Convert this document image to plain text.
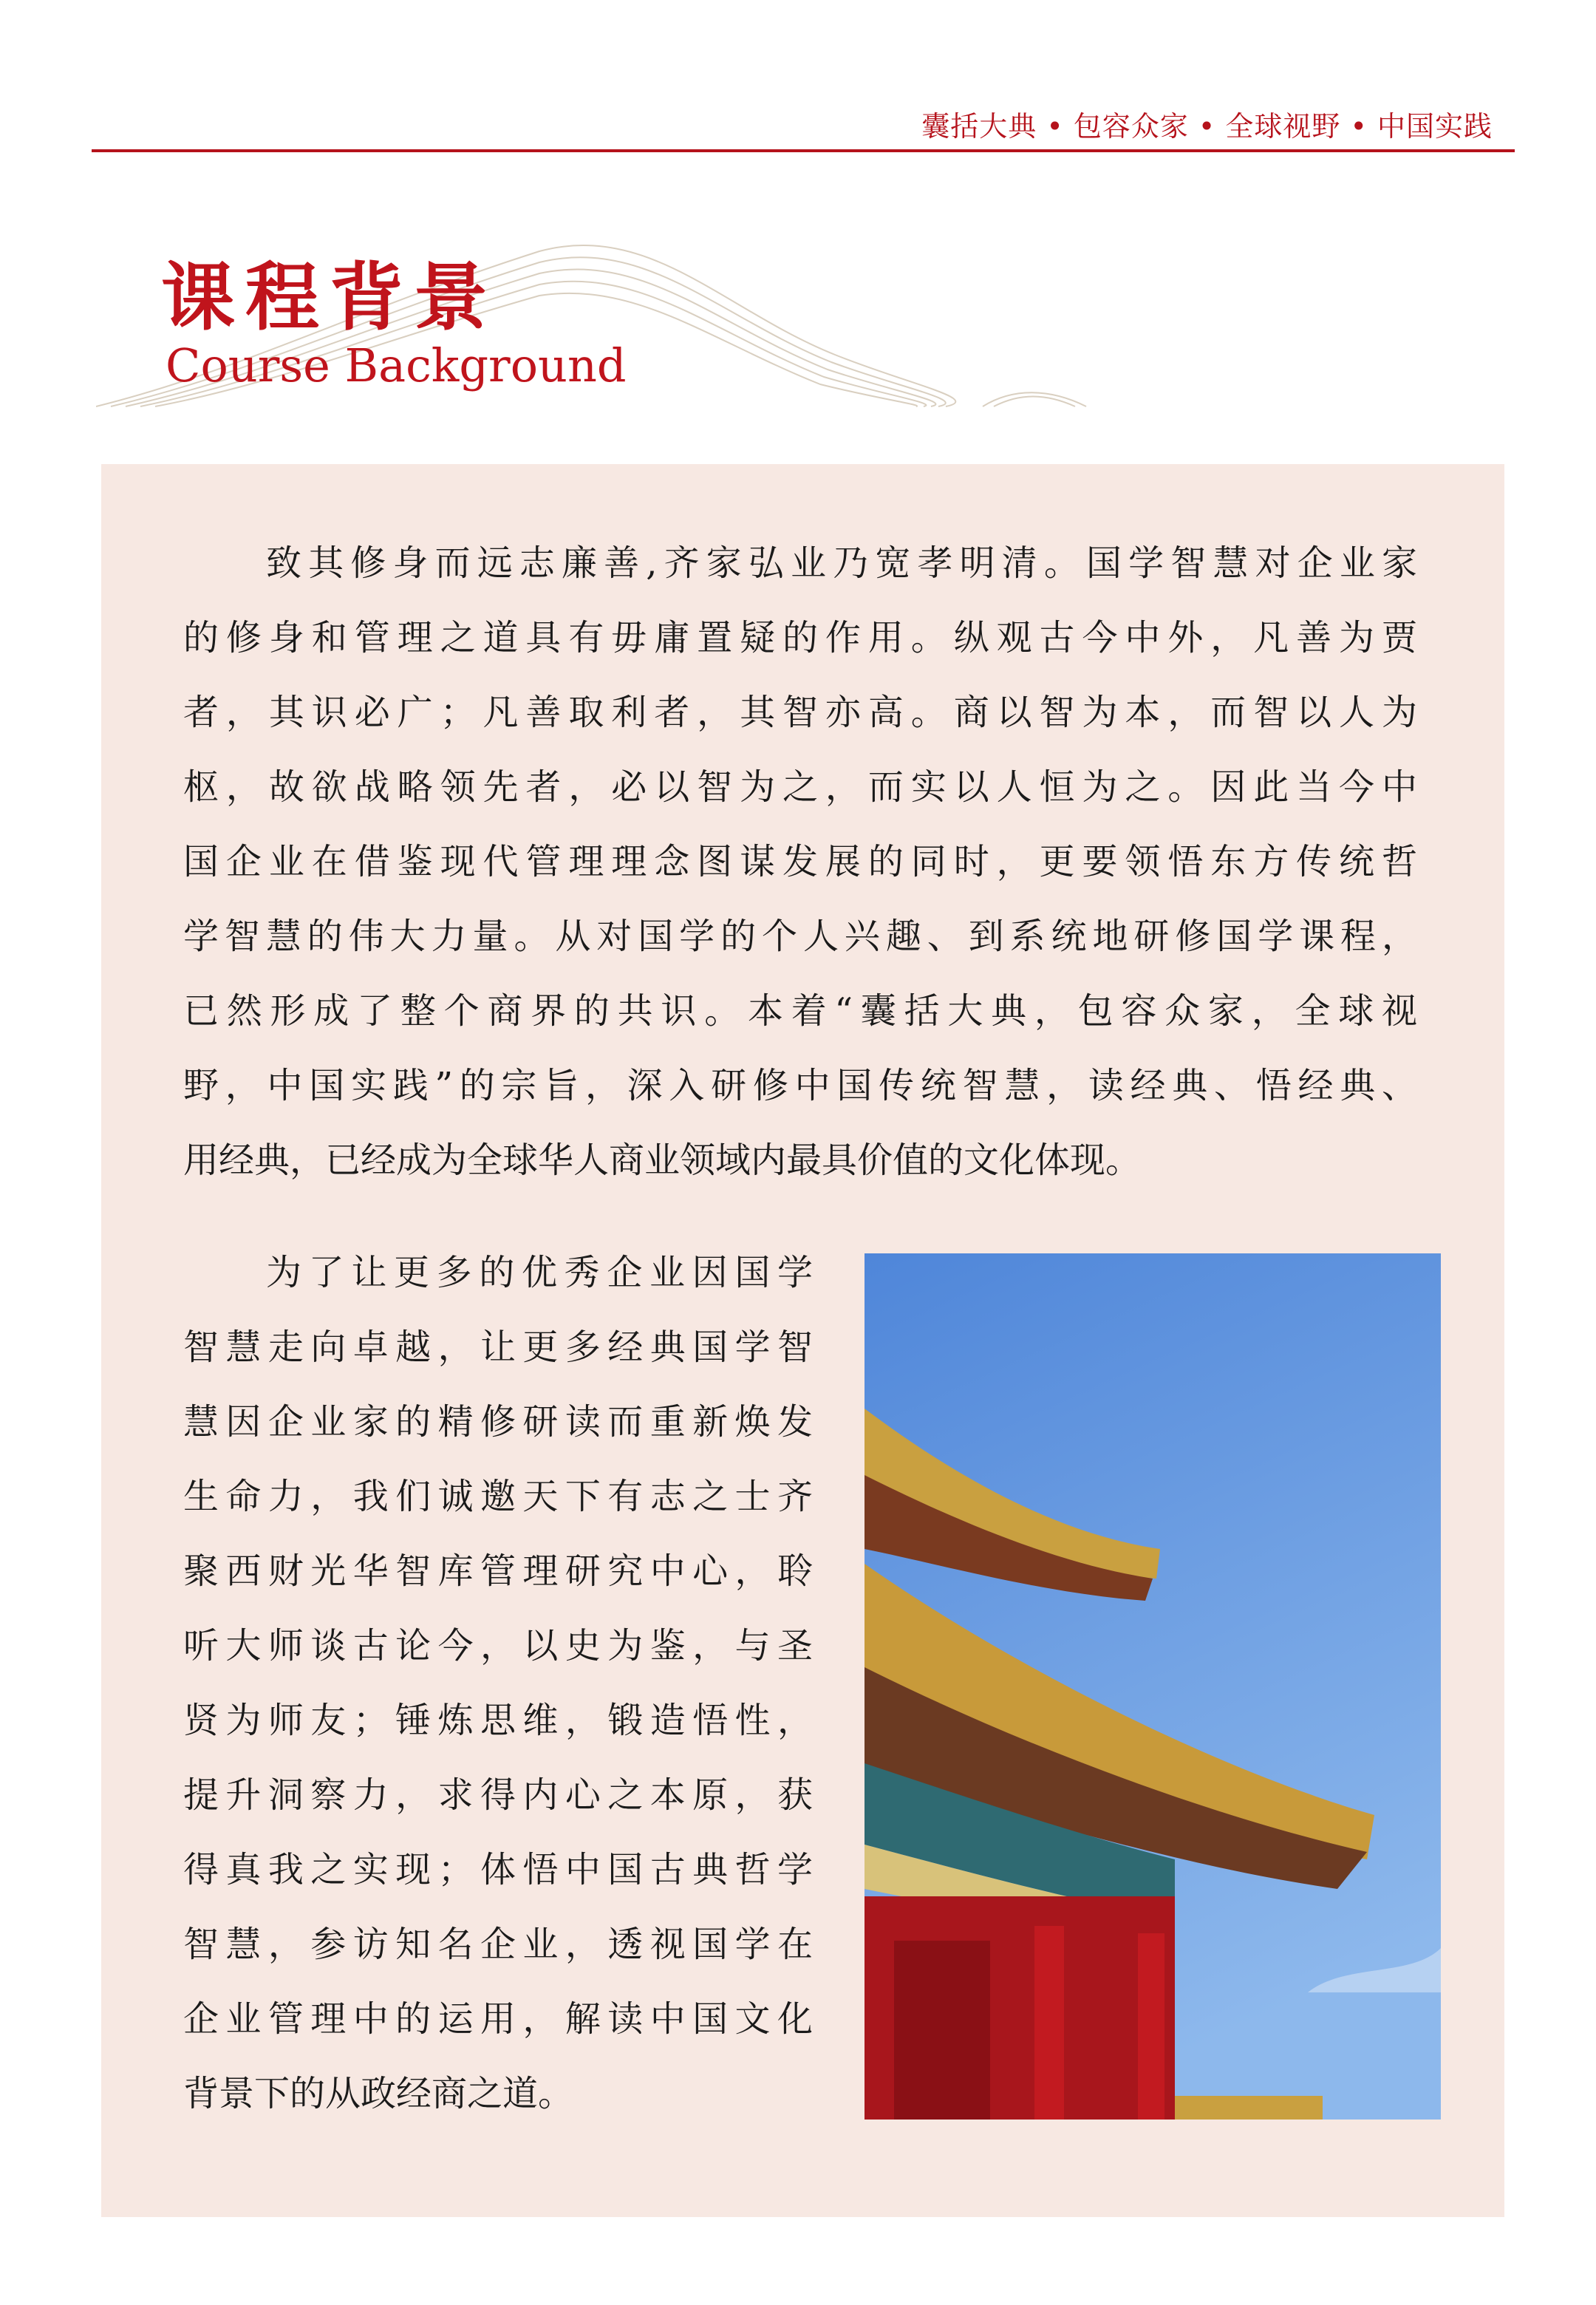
囊括大典 • 包容众家 • 全球视野 • 中国实践
课程背景
Course Background
致其修身而远志廉善,齐家弘业乃宽孝明清。国学智慧对企业家
的修身和管理之道具有毋庸置疑的作用。纵观古今中外，凡善为贾
者，其识必广；凡善取利者，其智亦高。商以智为本，而智以人为
枢，故欲战略领先者，必以智为之，而实以人恒为之。因此当今中
国企业在借鉴现代管理理念图谋发展的同时，更要领悟东方传统哲
学智慧的伟大力量。从对国学的个人兴趣、到系统地研修国学课程，
已然形成了整个商界的共识。本着“囊括大典，包容众家，全球视
野，中国实践”的宗旨，深入研修中国传统智慧，读经典、悟经典、
用经典，已经成为全球华人商业领域内最具价值的文化体现。
为了让更多的优秀企业因国学
智慧走向卓越，让更多经典国学智
慧因企业家的精修研读而重新焕发
生命力，我们诚邀天下有志之士齐
聚西财光华智库管理研究中心，聆
听大师谈古论今，以史为鉴，与圣
贤为师友；锤炼思维，锻造悟性，
提升洞察力，求得内心之本原，获
得真我之实现；体悟中国古典哲学
智慧，参访知名企业，透视国学在
企业管理中的运用，解读中国文化
背景下的从政经商之道。
